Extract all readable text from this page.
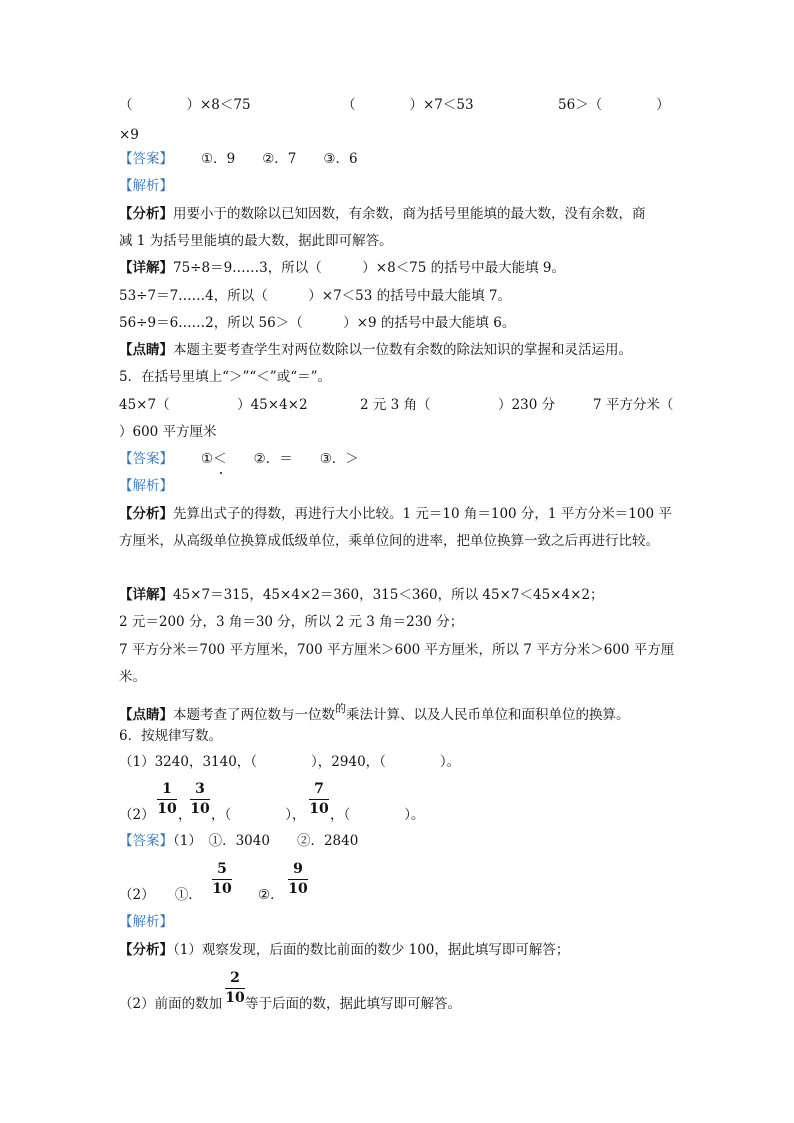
（　　　　）×8＜75	（　　　　）×7＜53	56＞（　　　　）
×9
【答案】 ①．9　　②．7　　③．6
【解析】
【分析】用要小于的数除以已知因数，有余数，商为括号里能填的最大数，没有余数，商
减 1 为括号里能填的最大数，据此即可解答。
【详解】75÷8＝9……3，所以（　　　）×8＜75 的括号中最大能填 9。
53÷7＝7……4，所以（　　　）×7＜53 的括号中最大能填 7。
56÷9＝6……2，所以 56＞（　　　）×9 的括号中最大能填 6。
【点睛】本题主要考查学生对两位数除以一位数有余数的除法知识的掌握和灵活运用。
5．在括号里填上“＞”“＜”或“＝”。
45×7（　　　　　）45×4×2	2 元 3 角（　　　　　）230 分	7 平方分米（
）600 平方厘米
【答案】 ①＜　　②．＝　　③．＞
【解析】
【分析】先算出式子的得数，再进行大小比较。1 元＝10 角＝100 分，1 平方分米＝100 平
方厘米，从高级单位换算成低级单位，乘单位间的进率，把单位换算一致之后再进行比较。
【详解】45×7＝315，45×4×2＝360，315＜360，所以 45×7＜45×4×2；
2 元＝200 分，3 角＝30 分，所以 2 元 3 角＝230 分；
7 平方分米＝700 平方厘米，700 平方厘米＞600 平方厘米，所以 7 平方分米＞600 平方厘
米。
【点睛】本题考查了两位数与一位数$^的$乘法计算、以及人民币单位和面积单位的换算。
6．按规律写数。
（1）3240，3140，（　　　　），2940，（　　　　）。
（2）
1
10 ，
3
10 ，（　　　　），
7
10 ，（　　　　）。
【答案】（1）　①．3040　　②．2840
（2）　　①．
5
10 ②．
9
10
【解析】
【分析】（1）观察发现，后面的数比前面的数少 100，据此填写即可解答；
（2）前面的数加
2
10 等于后面的数，据此填写即可解答。
